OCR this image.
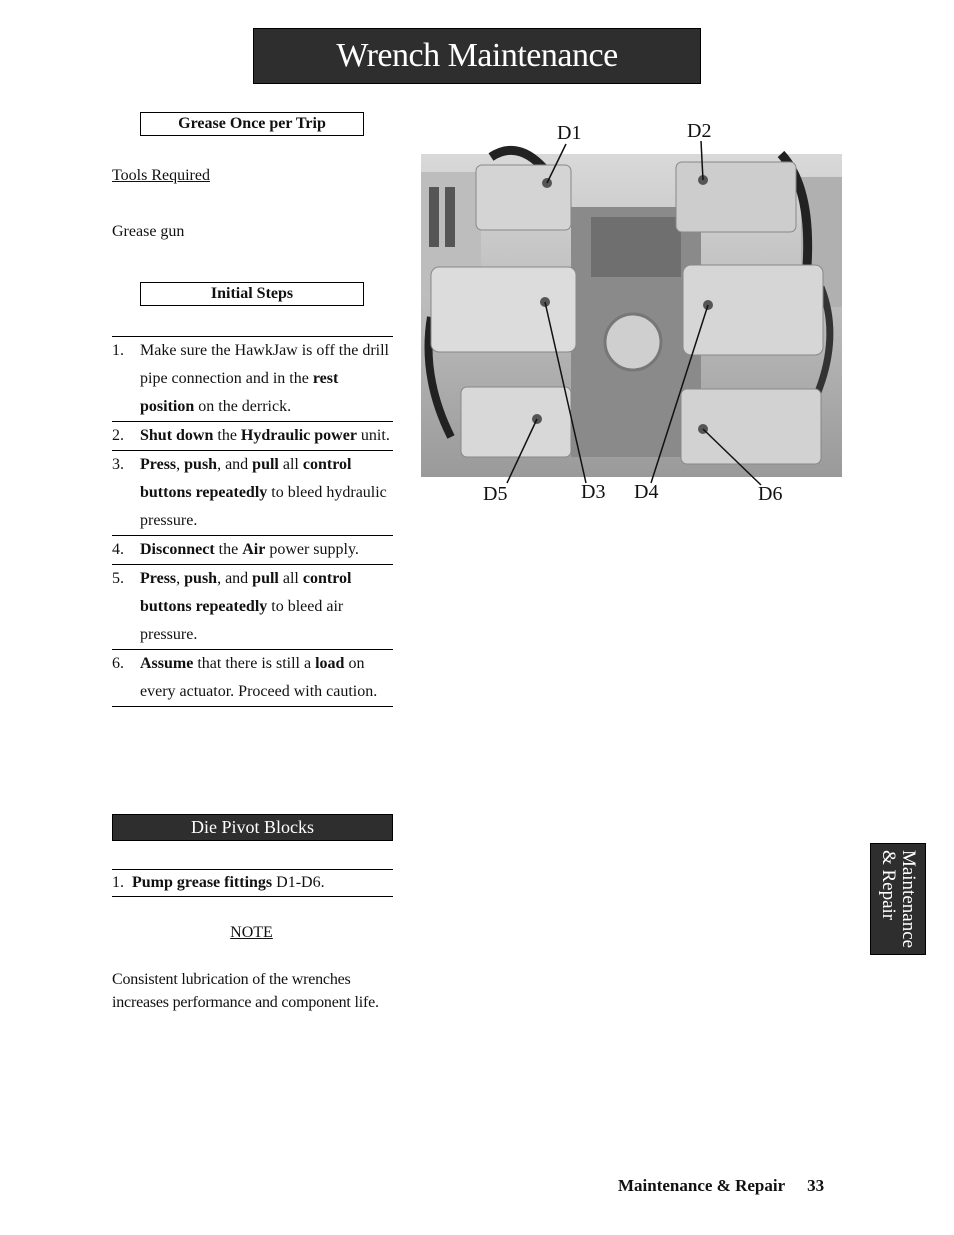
Wrench Maintenance
Grease Once per Trip
Tools Required
Grease gun
Initial Steps
1.	Make sure the HawkJaw is off the drill pipe connection and in the rest position on the derrick.
2.	Shut down the Hydraulic power unit.
3.	Press, push, and pull all control buttons repeatedly to bleed hydraulic pressure.
4.	Disconnect the Air power supply.
5.	Press, push, and pull all control buttons repeatedly to bleed air pressure.
6.	Assume that there is still a load on every actuator. Proceed with caution.
Die Pivot Blocks
1. Pump grease fittings D1-D6.
NOTE
Consistent lubrication of the wrenches increases performance and component life.
D1	D2
D3 D4
D5	D6
Maintenance
& Repair
Maintenance & Repair 33
